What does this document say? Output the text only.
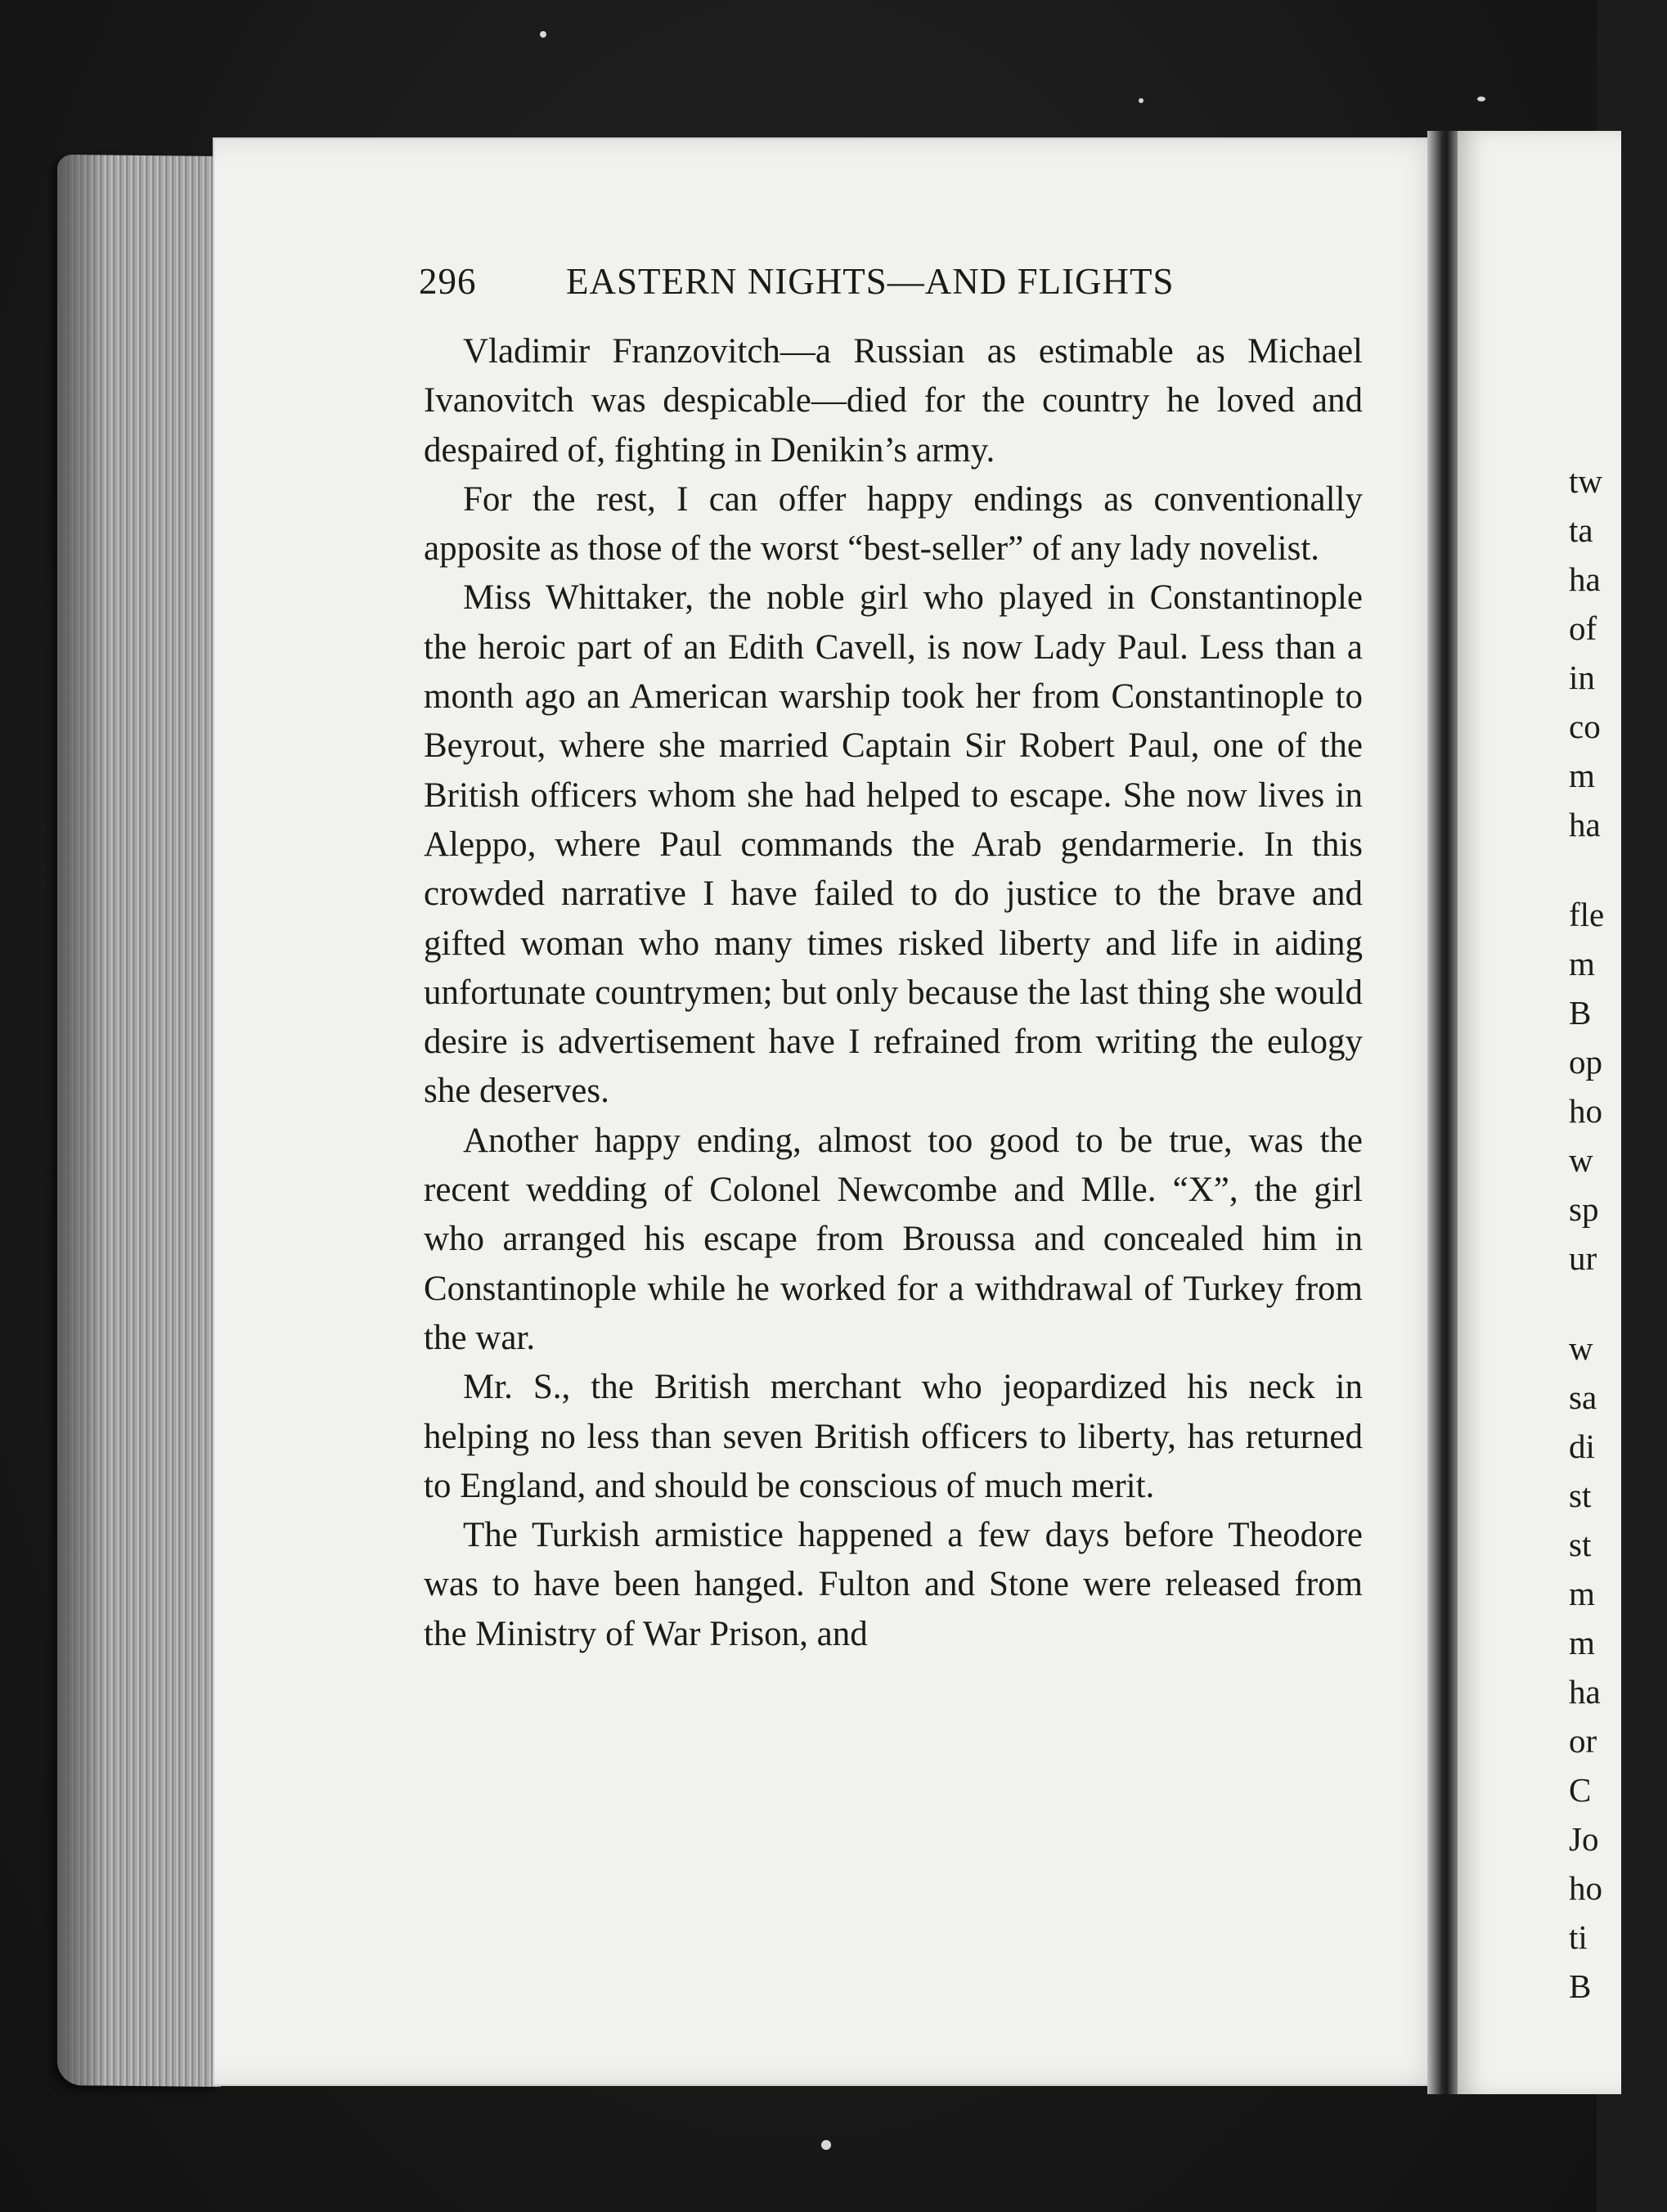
296 EASTERN NIGHTS—AND FLIGHTS

Vladimir Franzovitch—a Russian as estimable as Michael Ivanovitch was despicable—died for the country he loved and despaired of, fighting in Denikin’s army.

For the rest, I can offer happy endings as conventionally apposite as those of the worst “best-seller” of any lady novelist.

Miss Whittaker, the noble girl who played in Constantinople the heroic part of an Edith Cavell, is now Lady Paul. Less than a month ago an American warship took her from Constantinople to Beyrout, where she married Captain Sir Robert Paul, one of the British officers whom she had helped to escape. She now lives in Aleppo, where Paul commands the Arab gendarmerie. In this crowded narrative I have failed to do justice to the brave and gifted woman who many times risked liberty and life in aiding unfortunate countrymen; but only because the last thing she would desire is advertisement have I refrained from writing the eulogy she deserves.

Another happy ending, almost too good to be true, was the recent wedding of Colonel Newcombe and Mlle. “X”, the girl who arranged his escape from Broussa and concealed him in Constantinople while he worked for a withdrawal of Turkey from the war.

Mr. S., the British merchant who jeopardized his neck in helping no less than seven British officers to liberty, has returned to England, and should be conscious of much merit.

The Turkish armistice happened a few days before Theodore was to have been hanged. Fulton and Stone were released from the Ministry of War Prison, and

tw
ta
ha
of
in
co
m
ha
fle
m
B
op
ho
w
sp
ur
w
sa
di
st
st
m
m
ha
or
C
Jo
ho
ti
B
